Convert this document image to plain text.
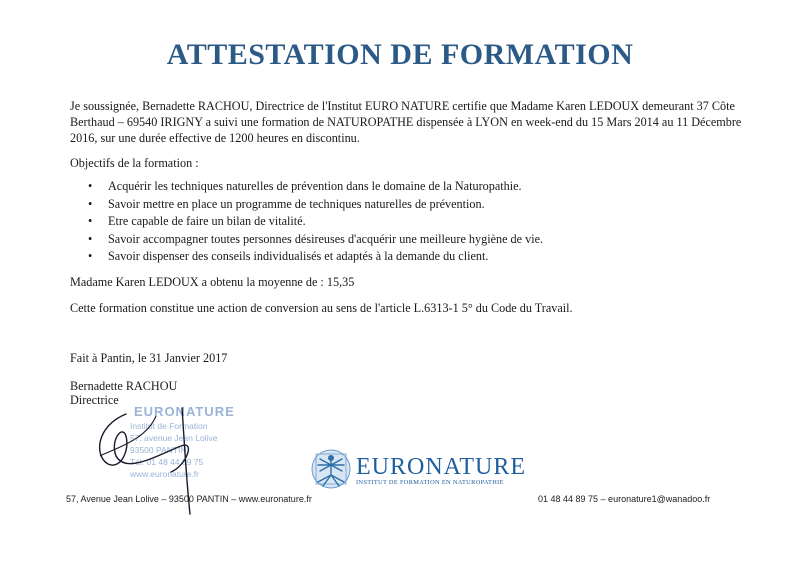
ATTESTATION DE FORMATION
Je soussignée, Bernadette RACHOU, Directrice de l'Institut EURO NATURE certifie que Madame Karen LEDOUX demeurant 37 Côte Berthaud – 69540 IRIGNY a suivi une formation de NATUROPATHE dispensée à LYON en week-end du 15 Mars 2014 au 11 Décembre 2016, sur une durée effective de 1200 heures en discontinu.
Objectifs de la formation :
• Acquérir les techniques naturelles de prévention dans le domaine de la Naturopathie.
• Savoir mettre en place un programme de techniques naturelles de prévention.
• Etre capable de faire un bilan de vitalité.
• Savoir accompagner toutes personnes désireuses d'acquérir une meilleure hygiène de vie.
• Savoir dispenser des conseils individualisés et adaptés à la demande du client.
Madame Karen LEDOUX a obtenu la moyenne de : 15,35
Cette formation constitue une action de conversion au sens de l'article L.6313-1 5° du Code du Travail.
Fait à Pantin, le 31 Janvier 2017
Bernadette RACHOU
Directrice
EURONATURE
Institut de Formation
57, avenue Jean Lolive
93500 PANTIN
Tél. 01 48 44 89 75
www.euronature.fr	EURONATURE
INSTITUT DE FORMATION EN NATUROPATHIE
57, Avenue Jean Lolive – 93500 PANTIN – www.euronature.fr	01 48 44 89 75 – euronature1@wanadoo.fr
